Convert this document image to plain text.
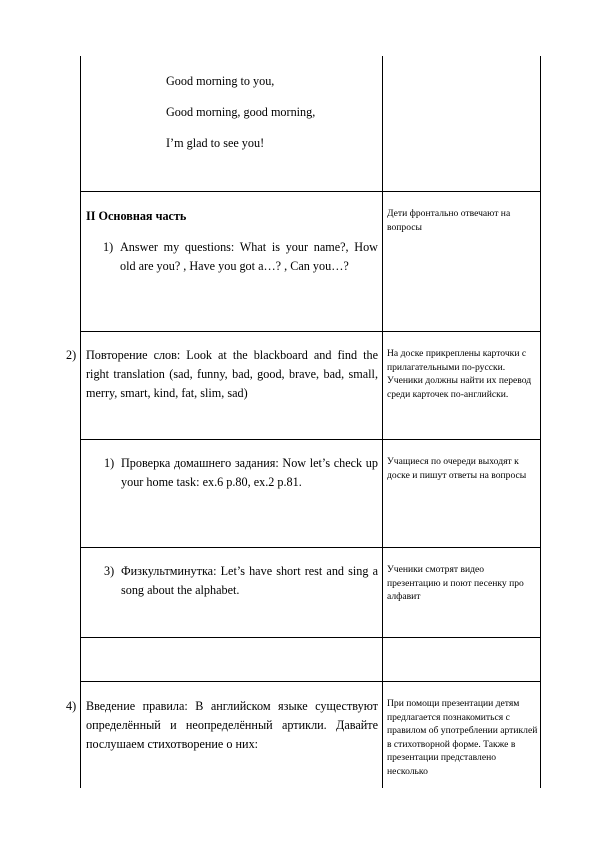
Good morning to you,
Good morning, good morning,
I’m glad to see you!
II Основная часть
1) Answer my questions: What is your name?, How old are you? , Have you got a…? , Can you…?
Дети фронтально отвечают на вопросы
2) Повторение слов: Look at the blackboard and find the right translation (sad, funny, bad, good, brave, bad, small, merry, smart, kind, fat, slim, sad)
На доске прикреплены карточки с прилагательными по-русски. Ученики должны найти их перевод среди карточек по-английски.
1) Проверка домашнего задания: Now let’s check up your home task: ex.6 p.80, ex.2 p.81.
Учащиеся по очереди выходят к доске и пишут ответы на вопросы
3) Физкультминутка: Let’s have short rest and sing a song about the alphabet.
Ученики смотрят видео презентацию и поют песенку про алфавит
4) Введение правила: В английском языке существуют определённый и неопределённый артикли. Давайте послушаем стихотворение о них:
При помощи презентации детям предлагается познакомиться с правилом об употреблении артиклей в стихотворной форме. Также в презентации представлено несколько
